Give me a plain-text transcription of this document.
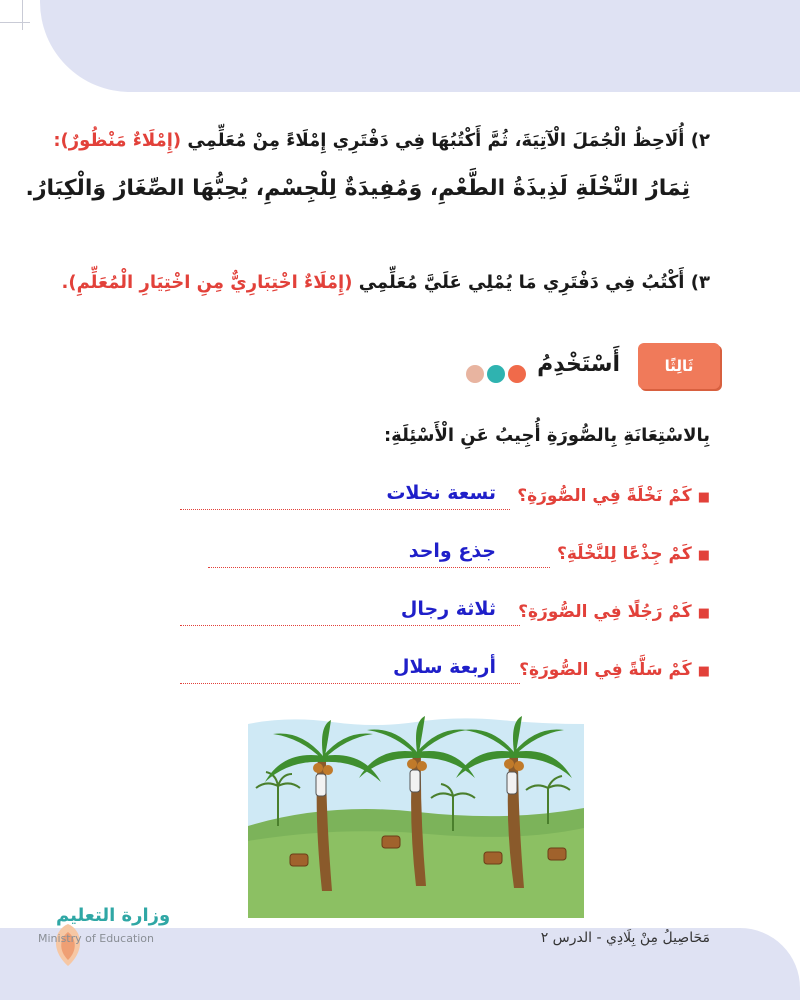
٢) أُلَاحِظُ الْجُمَلَ الْآتِيَةَ، ثُمَّ أَكْتُبُهَا فِي دَفْتَرِي إِمْلَاءً مِنْ مُعَلِّمِي (إِمْلَاءٌ مَنْظُورٌ):
ثِمَارُ النَّخْلَةِ لَذِيذَةُ الطَّعْمِ، وَمُفِيدَةٌ لِلْجِسْمِ، يُحِبُّهَا الصِّغَارُ وَالْكِبَارُ.
٣) أَكْتُبُ فِي دَفْتَرِي مَا يُمْلِي عَلَيَّ مُعَلِّمِي (إِمْلَاءٌ اخْتِبَارِيٌّ مِنِ اخْتِيَارِ الْمُعَلِّمِ).
ثَالِثًا
أَسْتَخْدِمُ
بِالاسْتِعَانَةِ بِالصُّورَةِ أُجِيبُ عَنِ الْأَسْئِلَةِ:
■كَمْ نَخْلَةً فِي الصُّورَةِ؟
تسعة نخلات
■كَمْ جِذْعًا لِلنَّخْلَةِ؟
جذع واحد
■كَمْ رَجُلًا فِي الصُّورَةِ؟
ثلاثة رجال
■كَمْ سَلَّةً فِي الصُّورَةِ؟
أربعة سلال
مَحَاصِيلُ مِنْ بِلَادِي - الدرس ٢
وزارة التعليم
Ministry of Education
